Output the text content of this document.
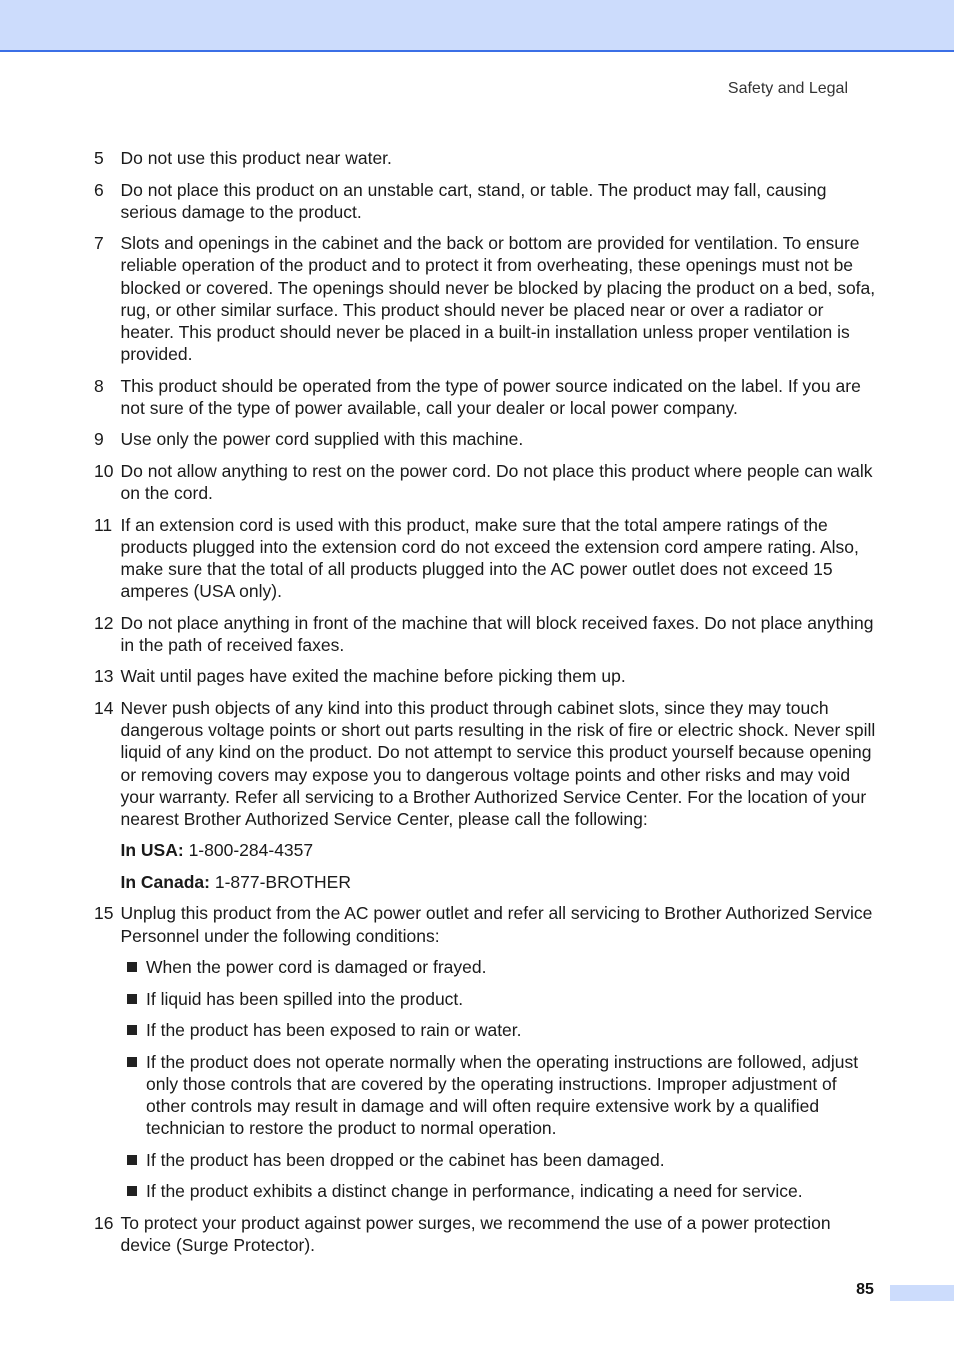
Safety and Legal
5 Do not use this product near water.
6 Do not place this product on an unstable cart, stand, or table. The product may fall, causing serious damage to the product.
7 Slots and openings in the cabinet and the back or bottom are provided for ventilation. To ensure reliable operation of the product and to protect it from overheating, these openings must not be blocked or covered. The openings should never be blocked by placing the product on a bed, sofa, rug, or other similar surface. This product should never be placed near or over a radiator or heater. This product should never be placed in a built-in installation unless proper ventilation is provided.
8 This product should be operated from the type of power source indicated on the label. If you are not sure of the type of power available, call your dealer or local power company.
9 Use only the power cord supplied with this machine.
10 Do not allow anything to rest on the power cord. Do not place this product where people can walk on the cord.
11 If an extension cord is used with this product, make sure that the total ampere ratings of the products plugged into the extension cord do not exceed the extension cord ampere rating. Also, make sure that the total of all products plugged into the AC power outlet does not exceed 15 amperes (USA only).
12 Do not place anything in front of the machine that will block received faxes. Do not place anything in the path of received faxes.
13 Wait until pages have exited the machine before picking them up.
14 Never push objects of any kind into this product through cabinet slots, since they may touch dangerous voltage points or short out parts resulting in the risk of fire or electric shock. Never spill liquid of any kind on the product. Do not attempt to service this product yourself because opening or removing covers may expose you to dangerous voltage points and other risks and may void your warranty. Refer all servicing to a Brother Authorized Service Center. For the location of your nearest Brother Authorized Service Center, please call the following:
In USA: 1-800-284-4357
In Canada: 1-877-BROTHER
15 Unplug this product from the AC power outlet and refer all servicing to Brother Authorized Service Personnel under the following conditions:
When the power cord is damaged or frayed.
If liquid has been spilled into the product.
If the product has been exposed to rain or water.
If the product does not operate normally when the operating instructions are followed, adjust only those controls that are covered by the operating instructions. Improper adjustment of other controls may result in damage and will often require extensive work by a qualified technician to restore the product to normal operation.
If the product has been dropped or the cabinet has been damaged.
If the product exhibits a distinct change in performance, indicating a need for service.
16 To protect your product against power surges, we recommend the use of a power protection device (Surge Protector).
85
